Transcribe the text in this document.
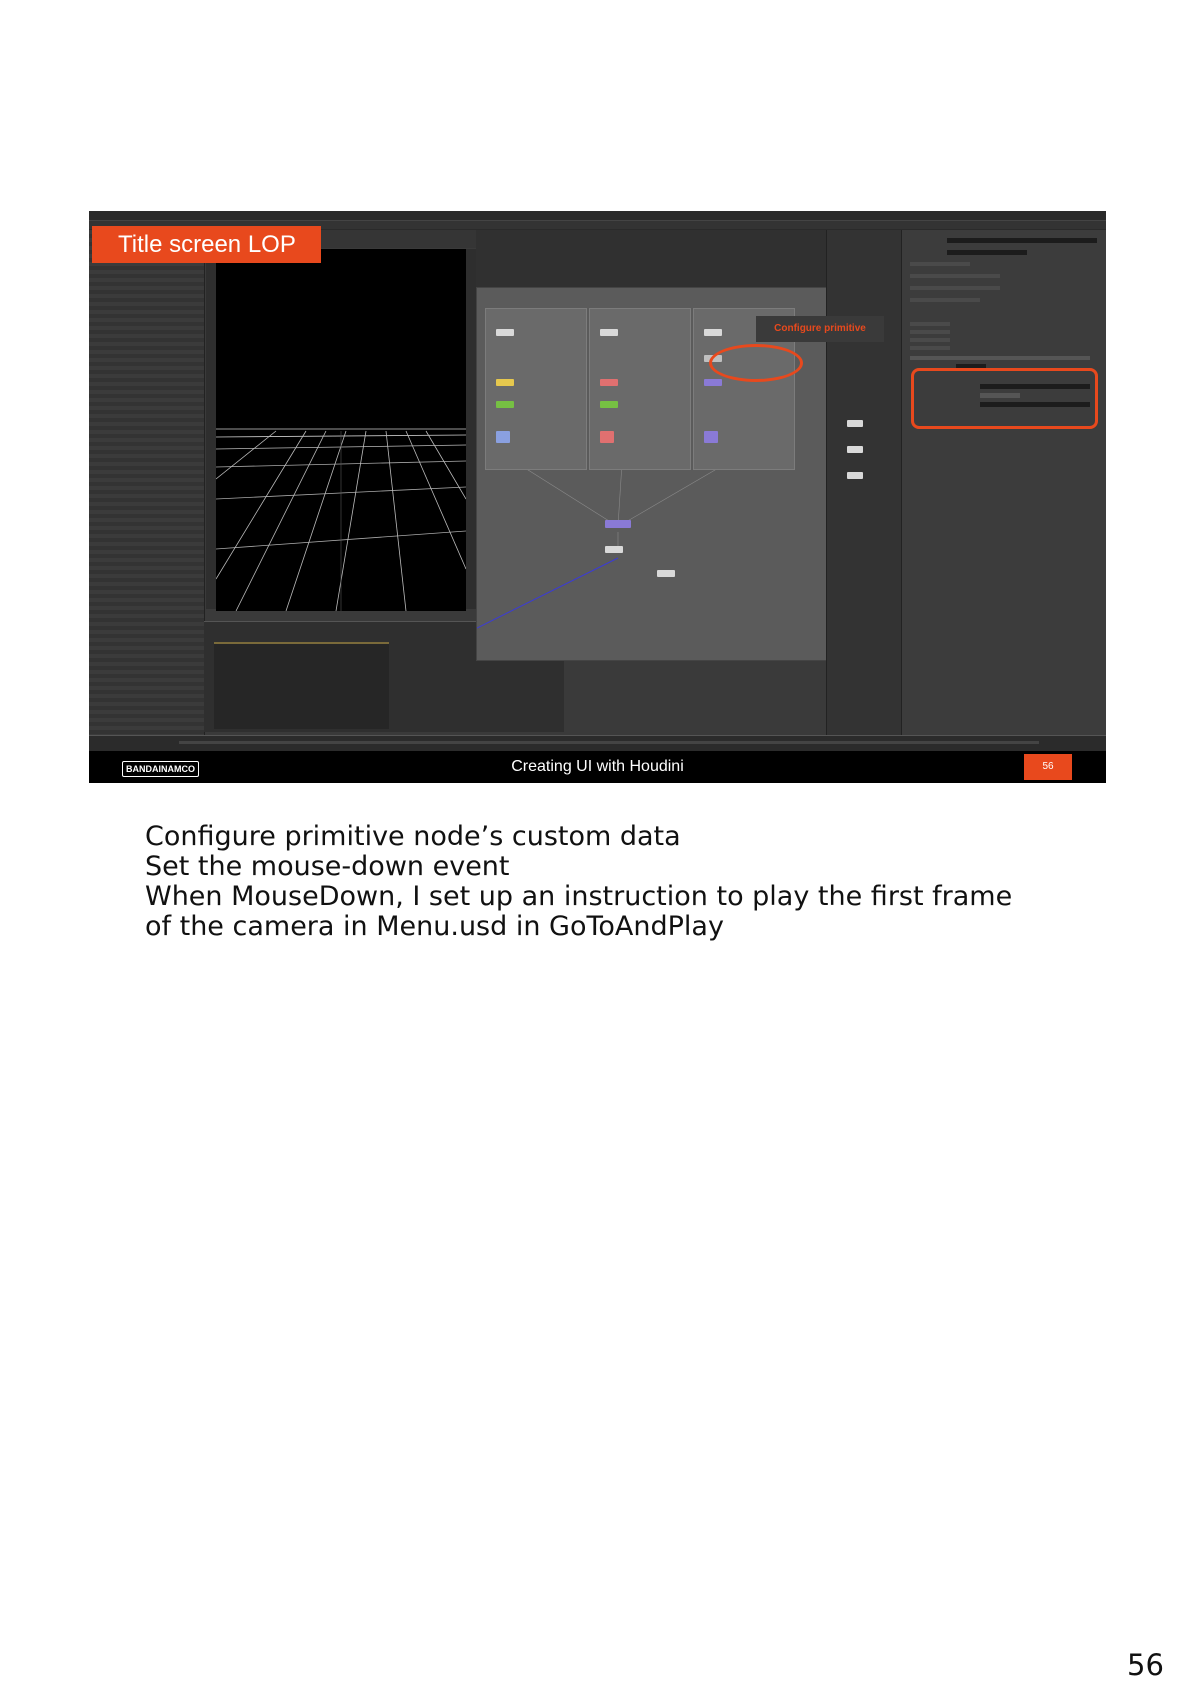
Title screen LOP
Configure primitive
BANDAINAMCO	Creating UI with Houdini	56
Configure primitive node’s custom data
Set the mouse-down event
When MouseDown, I set up an instruction to play the first frame
of the camera in Menu.usd in GoToAndPlay
56
